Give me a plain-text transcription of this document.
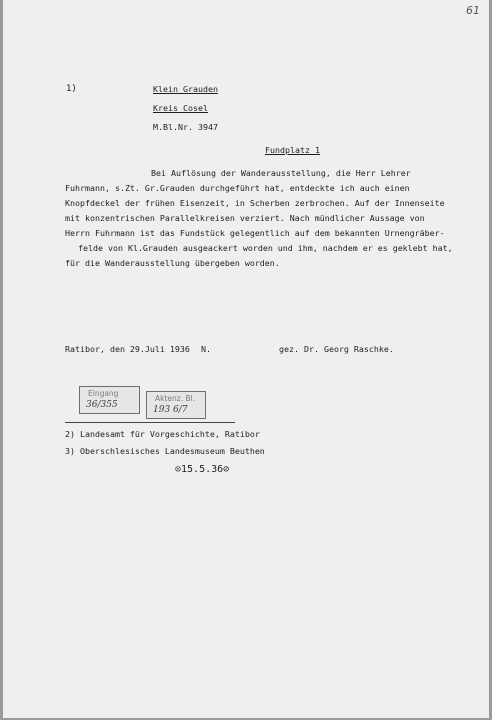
61
1)	Klein Grauden
Kreis Cosel
M.Bl.Nr. 3947
Fundplatz 1
Bei Auflösung der Wanderausstellung, die Herr Lehrer
Fuhrmann, s.Zt. Gr.Grauden durchgeführt hat, entdeckte ich auch einen
Knopfdeckel der frühen Eisenzeit, in Scherben zerbrochen. Auf der Innenseite
mit konzentrischen Parallelkreisen verziert. Nach mündlicher Aussage von
Herrn Fuhrmann ist das Fundstück gelegentlich auf dem bekannten Urnengräber-
felde von Kl.Grauden ausgeackert worden und ihm, nachdem er es geklebt hat,
für die Wanderausstellung übergeben worden.
Ratibor, den 29.Juli 1936 N.	gez. Dr. Georg Raschke.
Eingang
36/355
Aktenz. Bl.
193 6/7
2) Landesamt für Vorgeschichte, Ratibor
3) Oberschlesisches Landesmuseum Beuthen
⊙15.5.36⊘
